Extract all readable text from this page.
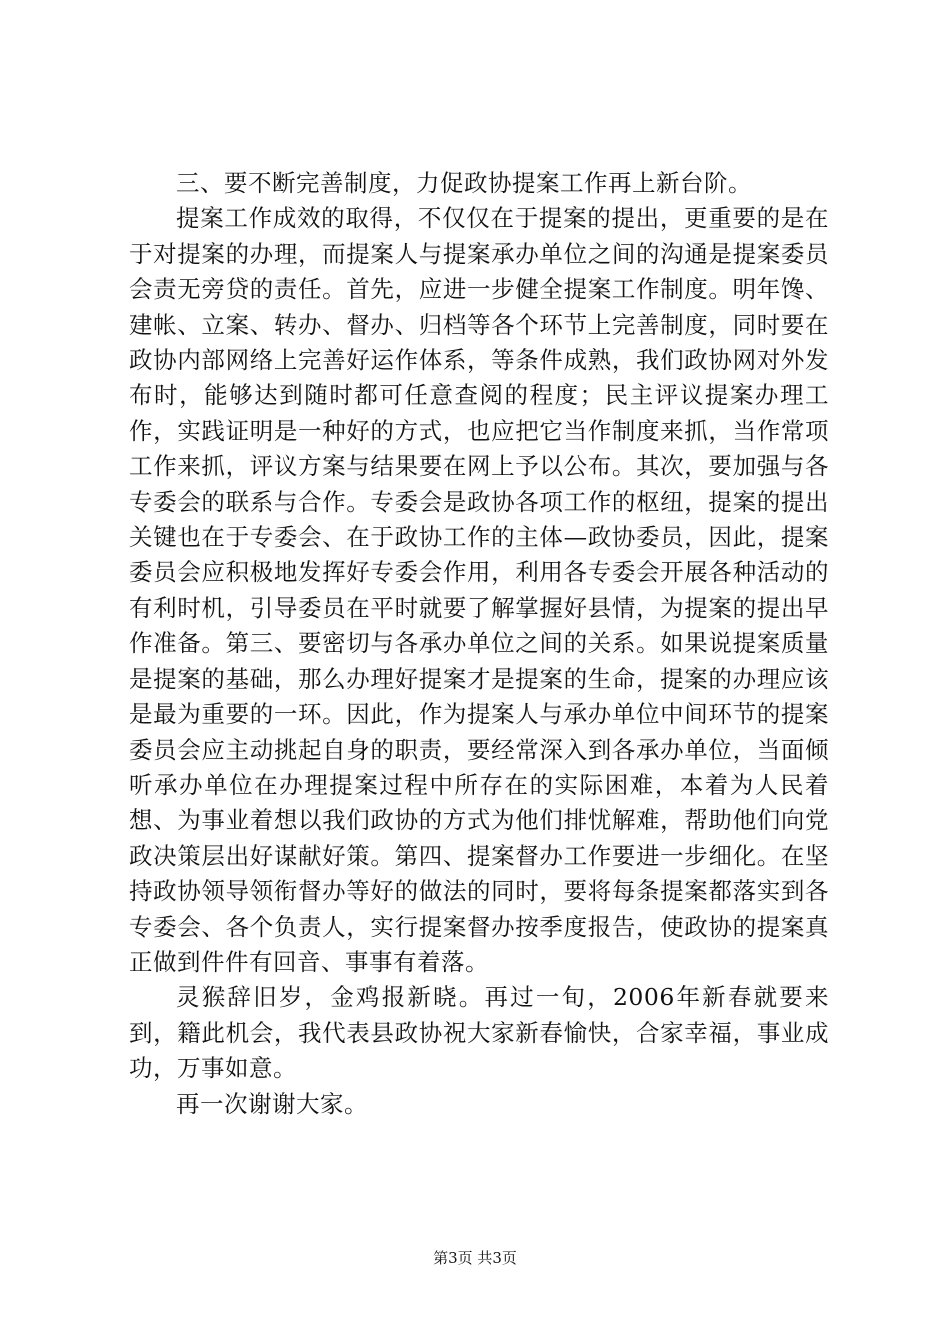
三、要不断完善制度，力促政协提案工作再上新台阶。

提案工作成效的取得，不仅仅在于提案的提出，更重要的是在于对提案的办理，而提案人与提案承办单位之间的沟通是提案委员会责无旁贷的责任。首先，应进一步健全提案工作制度。明年馋、建帐、立案、转办、督办、归档等各个环节上完善制度，同时要在政协内部网络上完善好运作体系，等条件成熟，我们政协网对外发布时，能够达到随时都可任意查阅的程度；民主评议提案办理工作，实践证明是一种好的方式，也应把它当作制度来抓，当作常项工作来抓，评议方案与结果要在网上予以公布。其次，要加强与各专委会的联系与合作。专委会是政协各项工作的枢纽，提案的提出关键也在于专委会、在于政协工作的主体—政协委员，因此，提案委员会应积极地发挥好专委会作用，利用各专委会开展各种活动的有利时机，引导委员在平时就要了解掌握好县情，为提案的提出早作准备。第三、要密切与各承办单位之间的关系。如果说提案质量是提案的基础，那么办理好提案才是提案的生命，提案的办理应该是最为重要的一环。因此，作为提案人与承办单位中间环节的提案委员会应主动挑起自身的职责，要经常深入到各承办单位，当面倾听承办单位在办理提案过程中所存在的实际困难，本着为人民着想、为事业着想以我们政协的方式为他们排忧解难，帮助他们向党政决策层出好谋献好策。第四、提案督办工作要进一步细化。在坚持政协领导领衔督办等好的做法的同时，要将每条提案都落实到各专委会、各个负责人，实行提案督办按季度报告，使政协的提案真正做到件件有回音、事事有着落。

灵猴辞旧岁，金鸡报新晓。再过一旬，2006年新春就要来到，籍此机会，我代表县政协祝大家新春愉快，合家幸福，事业成功，万事如意。

再一次谢谢大家。

第3页 共3页
